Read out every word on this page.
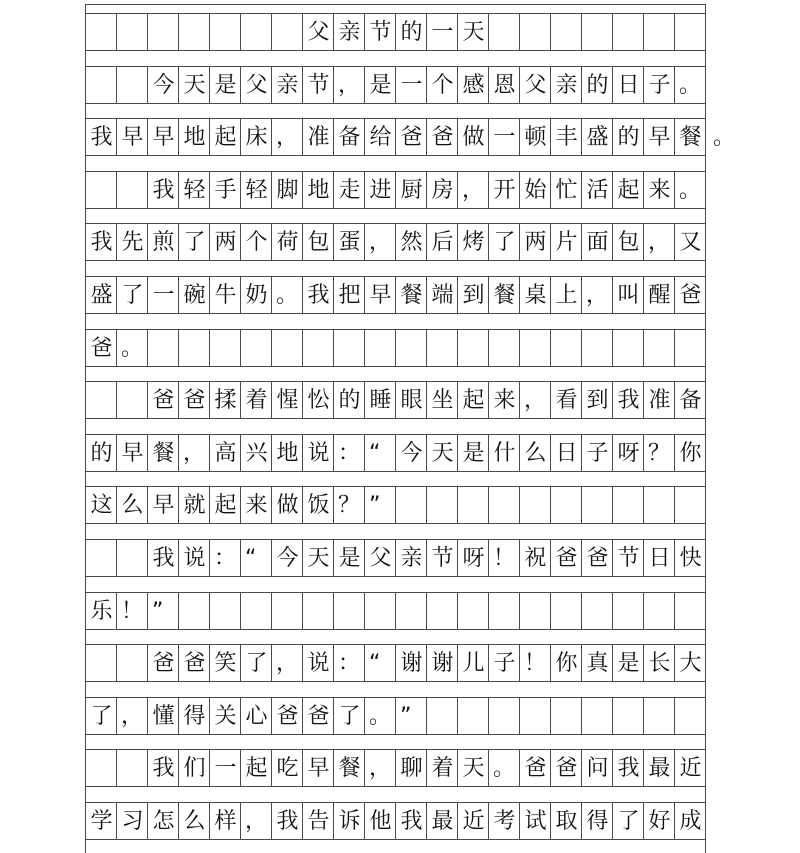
父 亲 节 的 一 天
今 天 是 父 亲 节 ， 是 一 个 感 恩 父 亲 的 日 子 。
我 早 早 地 起 床 ， 准 备 给 爸 爸 做 一 顿 丰 盛 的 早 餐 。
我 轻 手 轻 脚 地 走 进 厨 房 ， 开 始 忙 活 起 来 。
我 先 煎 了 两 个 荷 包 蛋 ， 然 后 烤 了 两 片 面 包 ， 又
盛 了 一 碗 牛 奶 。 我 把 早 餐 端 到 餐 桌 上 ， 叫 醒 爸
爸 。
爸 爸 揉 着 惺 忪 的 睡 眼 坐 起 来 ， 看 到 我 准 备
的 早 餐 ， 高 兴 地 说 ： “ 今 天 是 什 么 日 子 呀 ？ 你
这 么 早 就 起 来 做 饭 ？ ”
我 说 ： “ 今 天 是 父 亲 节 呀 ！ 祝 爸 爸 节 日 快
乐 ！ ”
爸 爸 笑 了 ， 说 ： “ 谢 谢 儿 子 ！ 你 真 是 长 大
了 ， 懂 得 关 心 爸 爸 了 。 ”
我 们 一 起 吃 早 餐 ， 聊 着 天 。 爸 爸 问 我 最 近
学 习 怎 么 样 ， 我 告 诉 他 我 最 近 考 试 取 得 了 好 成
